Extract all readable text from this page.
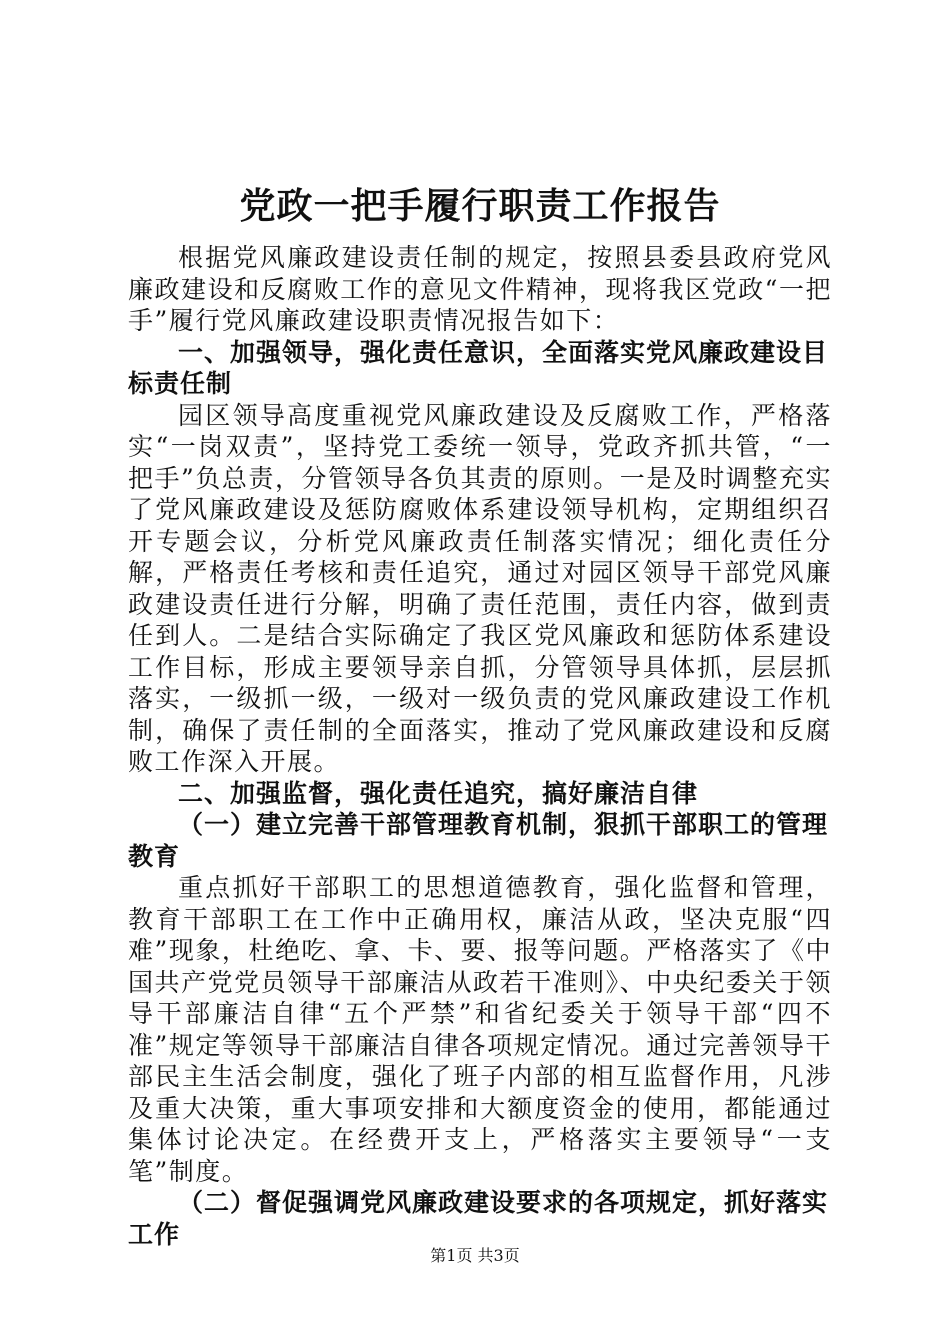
党政一把手履行职责工作报告

根据党风廉政建设责任制的规定，按照县委县政府党风廉政建设和反腐败工作的意见文件精神，现将我区党政“一把手”履行党风廉政建设职责情况报告如下：

一、加强领导，强化责任意识，全面落实党风廉政建设目标责任制

园区领导高度重视党风廉政建设及反腐败工作，严格落实“一岗双责”，坚持党工委统一领导，党政齐抓共管，“一把手”负总责，分管领导各负其责的原则。一是及时调整充实了党风廉政建设及惩防腐败体系建设领导机构，定期组织召开专题会议，分析党风廉政责任制落实情况；细化责任分解，严格责任考核和责任追究，通过对园区领导干部党风廉政建设责任进行分解，明确了责任范围，责任内容，做到责任到人。二是结合实际确定了我区党风廉政和惩防体系建设工作目标，形成主要领导亲自抓，分管领导具体抓，层层抓落实，一级抓一级，一级对一级负责的党风廉政建设工作机制，确保了责任制的全面落实，推动了党风廉政建设和反腐败工作深入开展。

二、加强监督，强化责任追究，搞好廉洁自律

（一）建立完善干部管理教育机制，狠抓干部职工的管理教育

重点抓好干部职工的思想道德教育，强化监督和管理，教育干部职工在工作中正确用权，廉洁从政，坚决克服“四难”现象，杜绝吃、拿、卡、要、报等问题。严格落实了《中国共产党党员领导干部廉洁从政若干准则》、中央纪委关于领导干部廉洁自律“五个严禁”和省纪委关于领导干部“四不准”规定等领导干部廉洁自律各项规定情况。通过完善领导干部民主生活会制度，强化了班子内部的相互监督作用，凡涉及重大决策，重大事项安排和大额度资金的使用，都能通过集体讨论决定。在经费开支上，严格落实主要领导“一支笔”制度。

（二）督促强调党风廉政建设要求的各项规定，抓好落实工作

第1页 共3页
